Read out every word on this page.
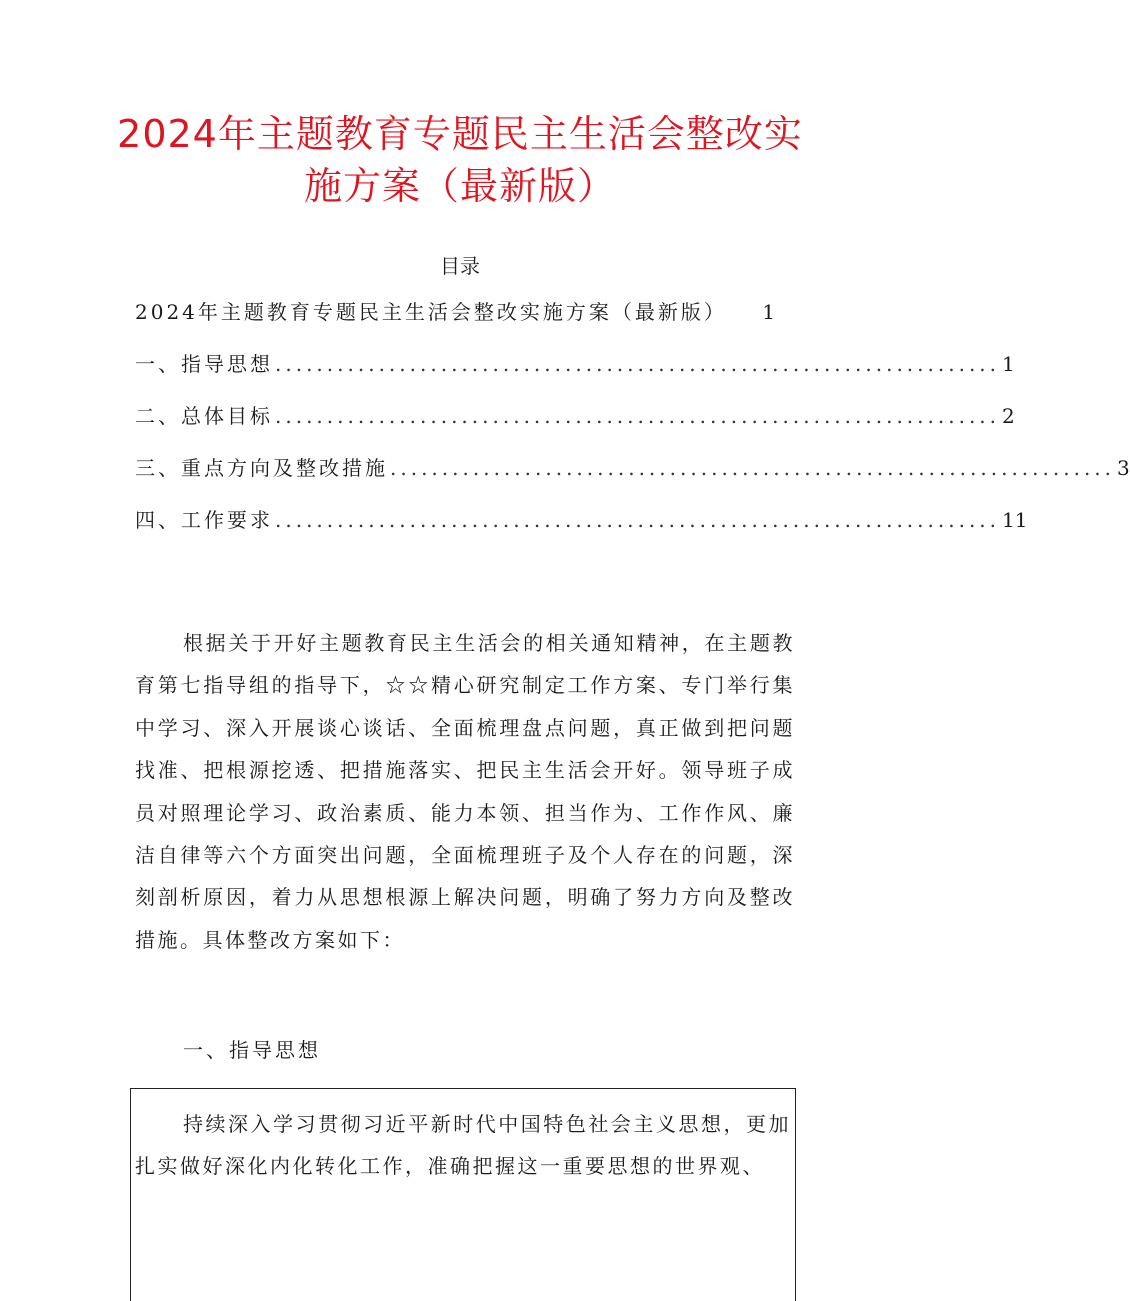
2024年主题教育专题民主生活会整改实
施方案（最新版）
目录
2024年主题教育专题民主生活会整改实施方案（最新版） 1
一、指导思想 ...................................................................... 1
二、总体目标 ...................................................................... 2
三、重点方向及整改措施 ...................................................................... 3
四、工作要求 ...................................................................... 11

根据关于开好主题教育民主生活会的相关通知精神，在主题教育第七指导组的指导下，☆☆精心研究制定工作方案、专门举行集中学习、深入开展谈心谈话、全面梳理盘点问题，真正做到把问题找准、把根源挖透、把措施落实、把民主生活会开好。领导班子成员对照理论学习、政治素质、能力本领、担当作为、工作作风、廉洁自律等六个方面突出问题，全面梳理班子及个人存在的问题，深刻剖析原因，着力从思想根源上解决问题，明确了努力方向及整改措施。具体整改方案如下：

一、指导思想

持续深入学习贯彻习近平新时代中国特色社会主义思想，更加扎实做好深化内化转化工作，准确把握这一重要思想的世界观、
